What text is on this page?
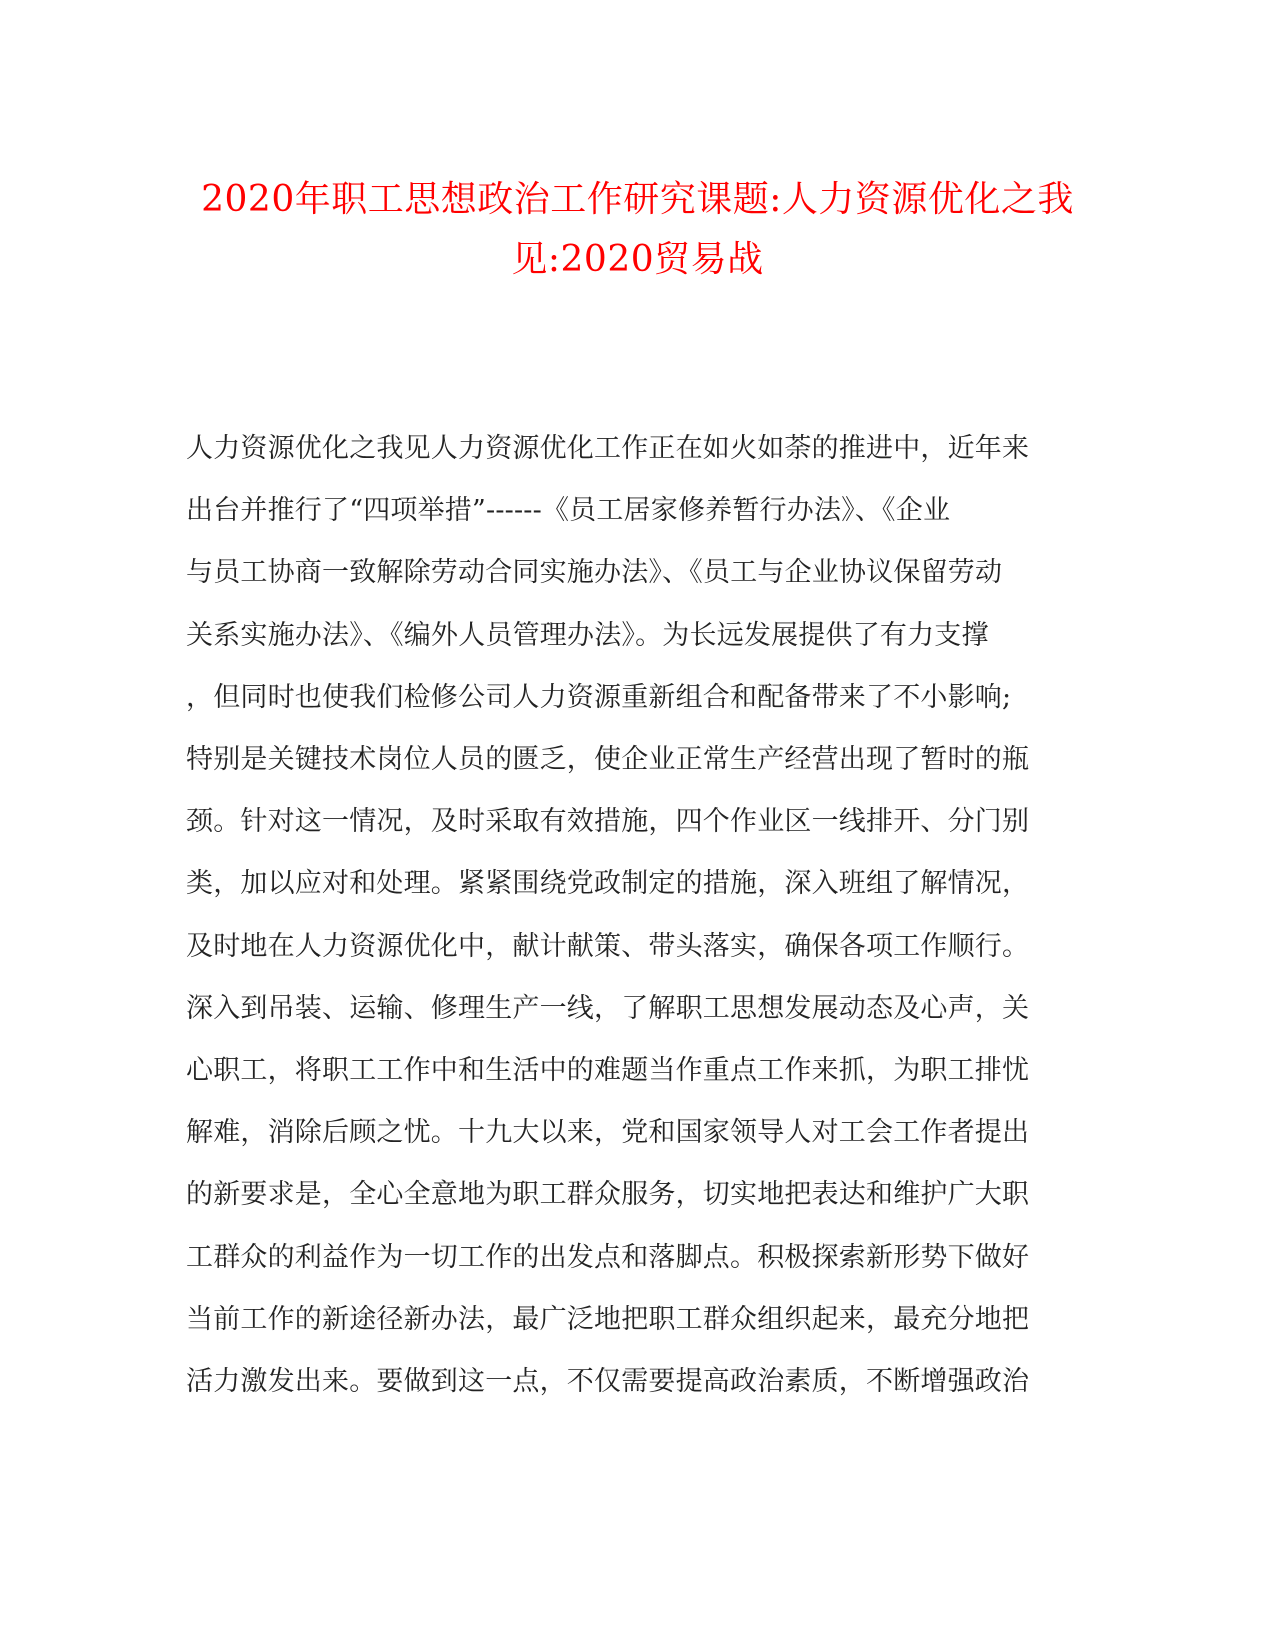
2020年职工思想政治工作研究课题:人力资源优化之我
见:2020贸易战
人力资源优化之我见人力资源优化工作正在如火如荼的推进中，近年来
出台并推行了“四项举措”------《员工居家修养暂行办法》、《企业
与员工协商一致解除劳动合同实施办法》、《员工与企业协议保留劳动
关系实施办法》、《编外人员管理办法》。为长远发展提供了有力支撑
，但同时也使我们检修公司人力资源重新组合和配备带来了不小影响;
特别是关键技术岗位人员的匮乏，使企业正常生产经营出现了暂时的瓶
颈。针对这一情况，及时采取有效措施，四个作业区一线排开、分门别
类，加以应对和处理。紧紧围绕党政制定的措施，深入班组了解情况，
及时地在人力资源优化中，献计献策、带头落实，确保各项工作顺行。
深入到吊装、运输、修理生产一线，了解职工思想发展动态及心声，关
心职工，将职工工作中和生活中的难题当作重点工作来抓，为职工排忧
解难，消除后顾之忧。十九大以来，党和国家领导人对工会工作者提出
的新要求是，全心全意地为职工群众服务，切实地把表达和维护广大职
工群众的利益作为一切工作的出发点和落脚点。积极探索新形势下做好
当前工作的新途径新办法，最广泛地把职工群众组织起来，最充分地把
活力激发出来。要做到这一点，不仅需要提高政治素质，不断增强政治
